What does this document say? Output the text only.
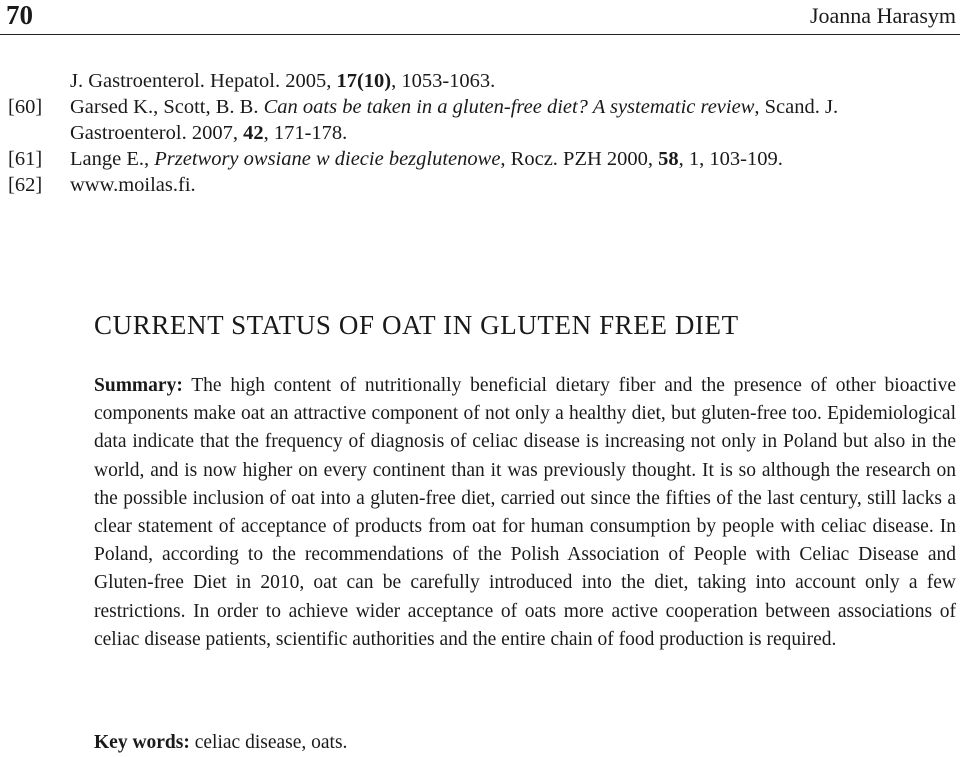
70	Joanna Harasym
J. Gastroenterol. Hepatol. 2005, 17(10), 1053-1063.
[60] Garsed K., Scott, B. B. Can oats be taken in a gluten-free diet? A systematic review, Scand. J.
Gastroenterol. 2007, 42, 171-178.
[61] Lange E., Przetwory owsiane w diecie bezglutenowe, Rocz. PZH 2000, 58, 1, 103-109.
[62] www.moilas.fi.
CURRENT STATUS OF OAT IN GLUTEN FREE DIET
Summary: The high content of nutritionally beneficial dietary fiber and the presence of other bioactive components make oat an attractive component of not only a healthy diet, but gluten-free too. Epidemiological data indicate that the frequency of diagnosis of celiac disease is increasing not only in Poland but also in the world, and is now higher on every continent than it was previously thought. It is so although the research on the possible inclusion of oat into a gluten-free diet, carried out since the fifties of the last century, still lacks a clear statement of acceptance of products from oat for human consumption by people with celiac disease. In Poland, according to the recommendations of the Polish Association of People with Celiac Disease and Gluten-free Diet in 2010, oat can be carefully introduced into the diet, taking into account only a few restrictions. In order to achieve wider acceptance of oats more active cooperation between associations of celiac disease patients, scientific authorities and the entire chain of food production is required.
Key words: celiac disease, oats.
